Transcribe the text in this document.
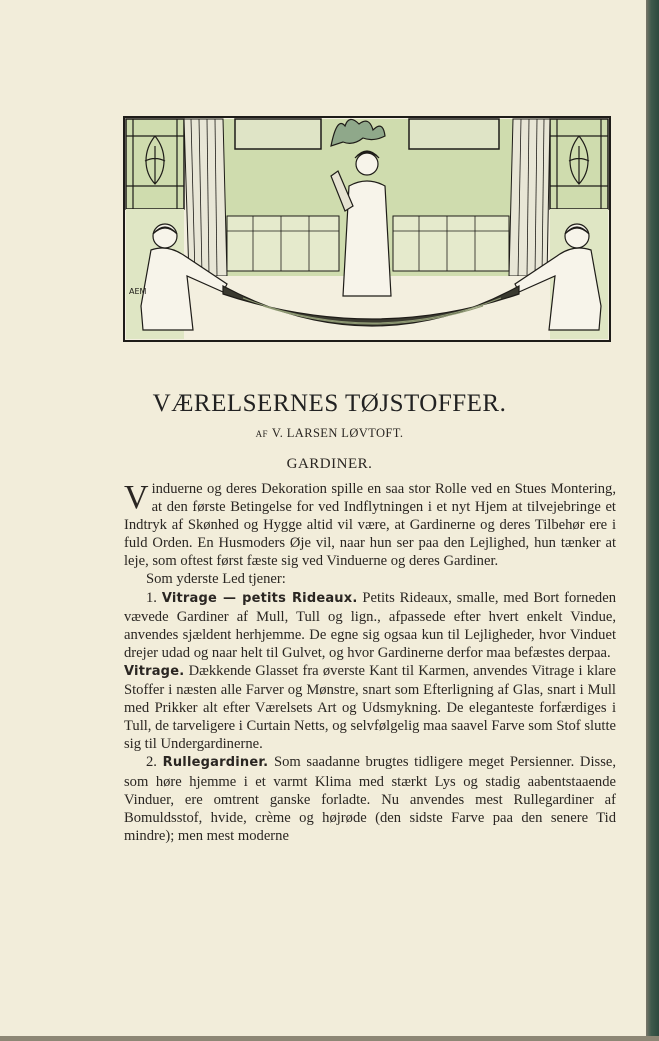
AEM
VÆRELSERNES TØJSTOFFER.
AF V. LARSEN LØVTOFT.
GARDINER.

Vinduerne og deres Dekoration spille en saa stor Rolle ved en Stues Montering, at den første Betingelse for ved Indflytningen i et nyt Hjem at tilvejebringe et Indtryk af Skønhed og Hygge altid vil være, at Gardinerne og deres Tilbehør ere i fuld Orden. En Husmoders Øje vil, naar hun ser paa den Lejlighed, hun tænker at leje, som oftest først fæste sig ved Vinduerne og deres Gardiner.

Som yderste Led tjener:

1. Vitrage — petits Rideaux. Petits Rideaux, smalle, med Bort forneden vævede Gardiner af Mull, Tull og lign., afpassede efter hvert enkelt Vindue, anvendes sjældent herhjemme. De egne sig ogsaa kun til Lejligheder, hvor Vinduet drejer udad og naar helt til Gulvet, og hvor Gardinerne derfor maa befæstes derpaa.

Vitrage. Dækkende Glasset fra øverste Kant til Karmen, anvendes Vitrage i klare Stoffer i næsten alle Farver og Mønstre, snart som Efterligning af Glas, snart i Mull med Prikker alt efter Værelsets Art og Udsmykning. De eleganteste forfærdiges i Tull, de tarveligere i Curtain Netts, og selvfølgelig maa saavel Farve som Stof slutte sig til Undergardinerne.

2. Rullegardiner. Som saadanne brugtes tidligere meget Persienner. Disse, som høre hjemme i et varmt Klima med stærkt Lys og stadig aabentstaaende Vinduer, ere omtrent ganske forladte. Nu anvendes mest Rullegardiner af Bomuldsstof, hvide, crème og højrøde (den sidste Farve paa den senere Tid mindre); men mest moderne
